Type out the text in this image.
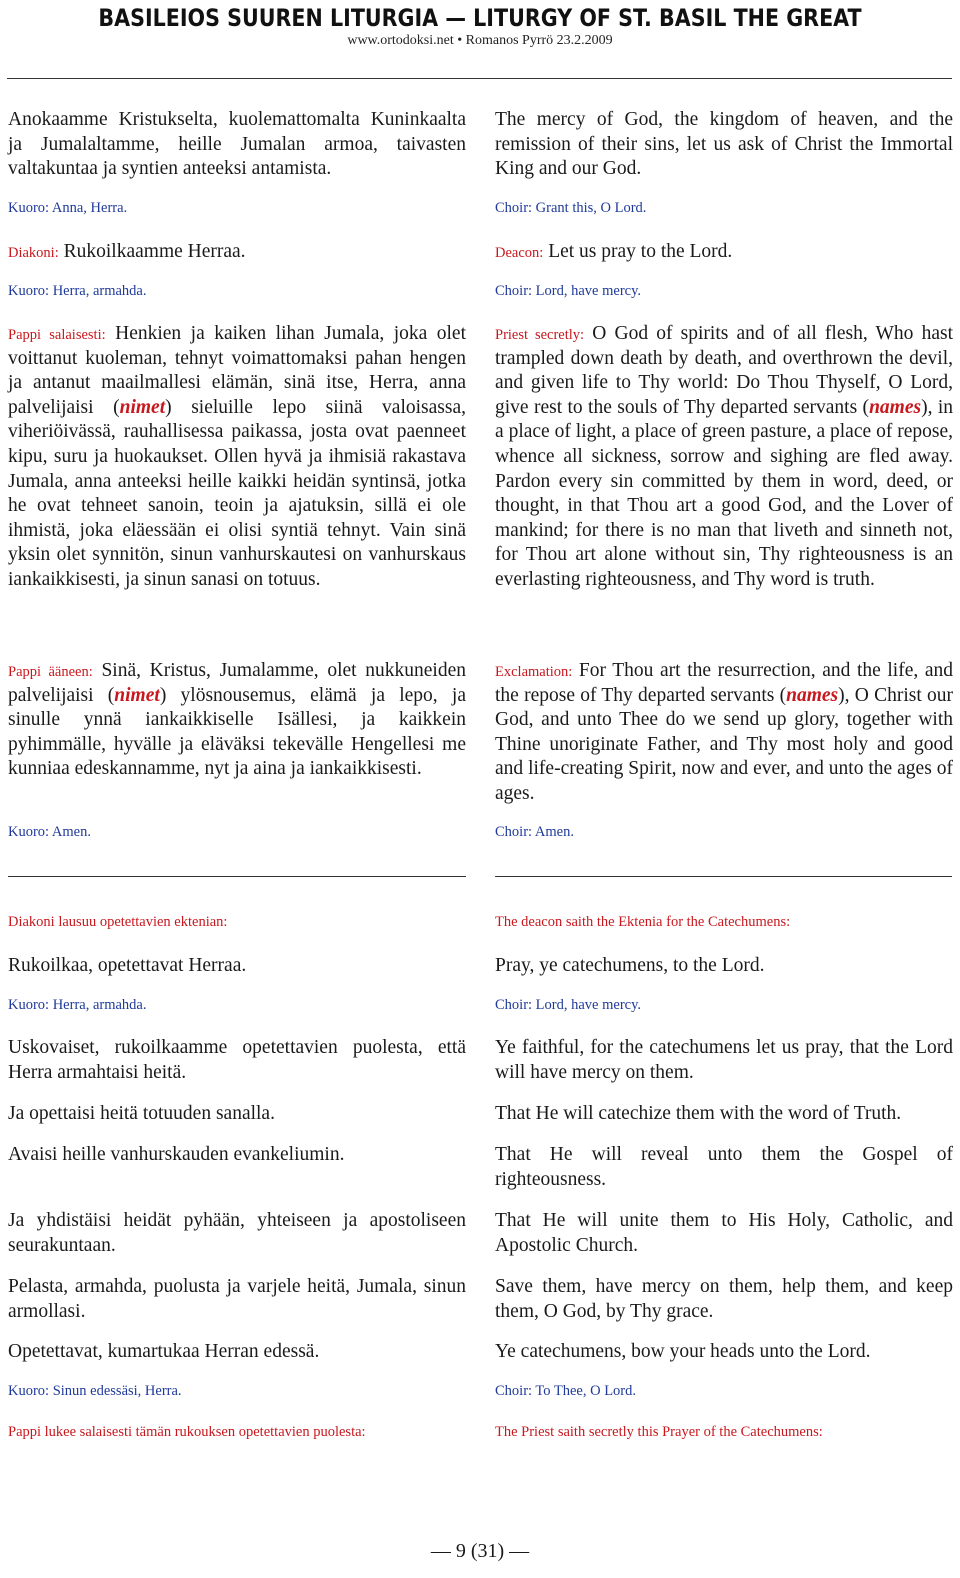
BASILEIOS SUUREN LITURGIA — LITURGY OF ST. BASIL THE GREAT
www.ortodoksi.net • Romanos Pyrrö 23.2.2009

Anokaamme Kristukselta, kuolemattomalta Kuninkaalta ja Jumalaltamme, heille Jumalan armoa, taivasten valtakuntaa ja syntien anteeksi antamista.

Kuoro: Anna, Herra.

Diakoni: Rukoilkaamme Herraa.

Kuoro: Herra, armahda.

Pappi salaisesti: Henkien ja kaiken lihan Jumala, joka olet voittanut kuoleman, tehnyt voimattomaksi pahan hengen ja antanut maailmallesi elämän, sinä itse, Herra, anna palvelijaisi (nimet) sieluille lepo siinä valoisassa, viheriöivässä, rauhallisessa paikassa, josta ovat paenneet kipu, suru ja huokaukset. Ollen hyvä ja ihmisiä rakastava Jumala, anna anteeksi heille kaikki heidän syntinsä, jotka he ovat tehneet sanoin, teoin ja ajatuksin, sillä ei ole ihmistä, joka eläessään ei olisi syntiä tehnyt. Vain sinä yksin olet synnitön, sinun vanhurskautesi on vanhurskaus iankaikkisesti, ja sinun sanasi on totuus.

Pappi ääneen: Sinä, Kristus, Jumalamme, olet nukkuneiden palvelijaisi (nimet) ylösnousemus, elämä ja lepo, ja sinulle ynnä iankaikkiselle Isällesi, ja kaikkein pyhimmälle, hyvälle ja eläväksi tekevälle Hengellesi me kunniaa edeskannamme, nyt ja aina ja iankaikkisesti.

Kuoro: Amen.

Diakoni lausuu opetettavien ektenian:

Rukoilkaa, opetettavat Herraa.

Kuoro: Herra, armahda.

Uskovaiset, rukoilkaamme opetettavien puolesta, että Herra armahtaisi heitä.

Ja opettaisi heitä totuuden sanalla.

Avaisi heille vanhurskauden evankeliumin.

Ja yhdistäisi heidät pyhään, yhteiseen ja apostoliseen seurakuntaan.

Pelasta, armahda, puolusta ja varjele heitä, Jumala, sinun armollasi.

Opetettavat, kumartukaa Herran edessä.

Kuoro: Sinun edessäsi, Herra.

Pappi lukee salaisesti tämän rukouksen opetettavien puolesta:

The mercy of God, the kingdom of heaven, and the remission of their sins, let us ask of Christ the Immortal King and our God.

Choir: Grant this, O Lord.

Deacon: Let us pray to the Lord.

Choir: Lord, have mercy.

Priest secretly: O God of spirits and of all flesh, Who hast trampled down death by death, and overthrown the devil, and given life to Thy world: Do Thou Thyself, O Lord, give rest to the souls of Thy departed servants (names), in a place of light, a place of green pasture, a place of repose, whence all sickness, sorrow and sighing are fled away. Pardon every sin committed by them in word, deed, or thought, in that Thou art a good God, and the Lover of mankind; for there is no man that liveth and sinneth not, for Thou art alone without sin, Thy righteousness is an everlasting righteousness, and Thy word is truth.

Exclamation: For Thou art the resurrection, and the life, and the repose of Thy departed servants (names), O Christ our God, and unto Thee do we send up glory, together with Thine unoriginate Father, and Thy most holy and good and life-creating Spirit, now and ever, and unto the ages of ages.

Choir: Amen.

The deacon saith the Ektenia for the Catechumens:

Pray, ye catechumens, to the Lord.

Choir: Lord, have mercy.

Ye faithful, for the catechumens let us pray, that the Lord will have mercy on them.

That He will catechize them with the word of Truth.

That He will reveal unto them the Gospel of righteousness.

That He will unite them to His Holy, Catholic, and Apostolic Church.

Save them, have mercy on them, help them, and keep them, O God, by Thy grace.

Ye catechumens, bow your heads unto the Lord.

Choir: To Thee, O Lord.

The Priest saith secretly this Prayer of the Catechumens:

— 9 (31) —
